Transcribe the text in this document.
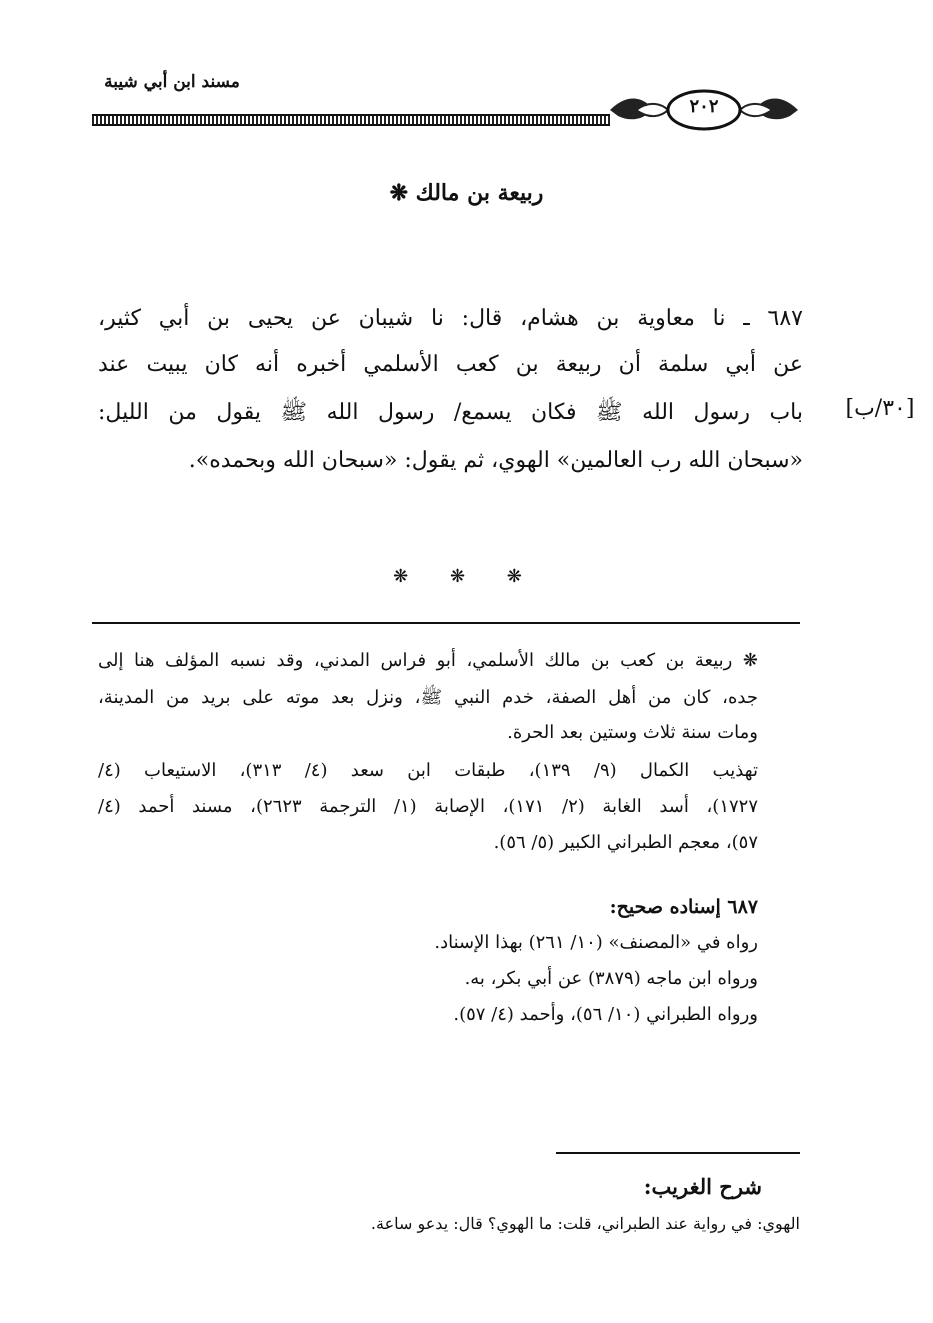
مسند ابن أبي شيبة
٢٠٢
ربيعة بن مالك ❋
٦٨٧ ـ نا معاوية بن هشام، قال: نا شيبان عن يحيى بن أبي كثير،
عن أبي سلمة أن ربيعة بن كعب الأسلمي أخبره أنه كان يبيت عند
باب رسول الله ﷺ فكان يسمع/ رسول الله ﷺ يقول من الليل:
«سبحان الله رب العالمين» الهوي، ثم يقول: «سبحان الله وبحمده».
[٣٠/ب]
❋ ❋ ❋
❋ ربيعة بن كعب بن مالك الأسلمي، أبو فراس المدني، وقد نسبه المؤلف هنا إلى
جده، كان من أهل الصفة، خدم النبي ﷺ، ونزل بعد موته على بريد من المدينة،
ومات سنة ثلاث وستين بعد الحرة.
تهذيب الكمال (٩/ ١٣٩)، طبقات ابن سعد (٤/ ٣١٣)، الاستيعاب (٤/
١٧٢٧)، أسد الغابة (٢/ ١٧١)، الإصابة (١/ الترجمة ٢٦٢٣)، مسند أحمد (٤/
٥٧)، معجم الطبراني الكبير (٥/ ٥٦).
٦٨٧ إسناده صحيح:
رواه في «المصنف» (١٠/ ٢٦١) بهذا الإسناد.
ورواه ابن ماجه (٣٨٧٩) عن أبي بكر، به.
ورواه الطبراني (١٠/ ٥٦)، وأحمد (٤/ ٥٧).
شرح الغريب:
الهوي: في رواية عند الطبراني، قلت: ما الهوي؟ قال: يدعو ساعة.
